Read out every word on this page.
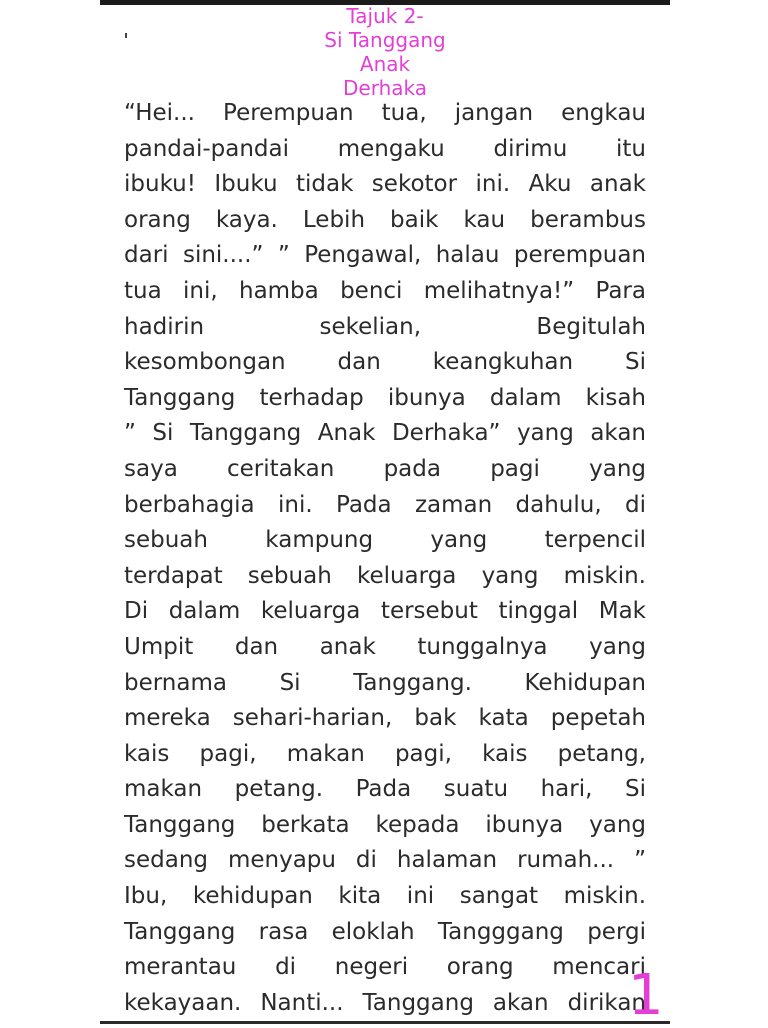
Tajuk 2-
Si Tanggang
Anak
Derhaka
“Hei... Perempuan tua, jangan engkau
pandai-pandai mengaku dirimu itu
ibuku! Ibuku tidak sekotor ini. Aku anak
orang kaya. Lebih baik kau berambus
dari sini....” ” Pengawal, halau perempuan
tua ini, hamba benci melihatnya!” Para
hadirin sekelian, Begitulah
kesombongan dan keangkuhan Si
Tanggang terhadap ibunya dalam kisah
” Si Tanggang Anak Derhaka” yang akan
saya ceritakan pada pagi yang
berbahagia ini. Pada zaman dahulu, di
sebuah kampung yang terpencil
terdapat sebuah keluarga yang miskin.
Di dalam keluarga tersebut tinggal Mak
Umpit dan anak tunggalnya yang
bernama Si Tanggang. Kehidupan
mereka sehari-harian, bak kata pepetah
kais pagi, makan pagi, kais petang,
makan petang. Pada suatu hari, Si
Tanggang berkata kepada ibunya yang
sedang menyapu di halaman rumah... ”
Ibu, kehidupan kita ini sangat miskin.
Tanggang rasa eloklah Tangggang pergi
merantau di negeri orang mencari
kekayaan. Nanti... Tanggang akan dirikan
1
